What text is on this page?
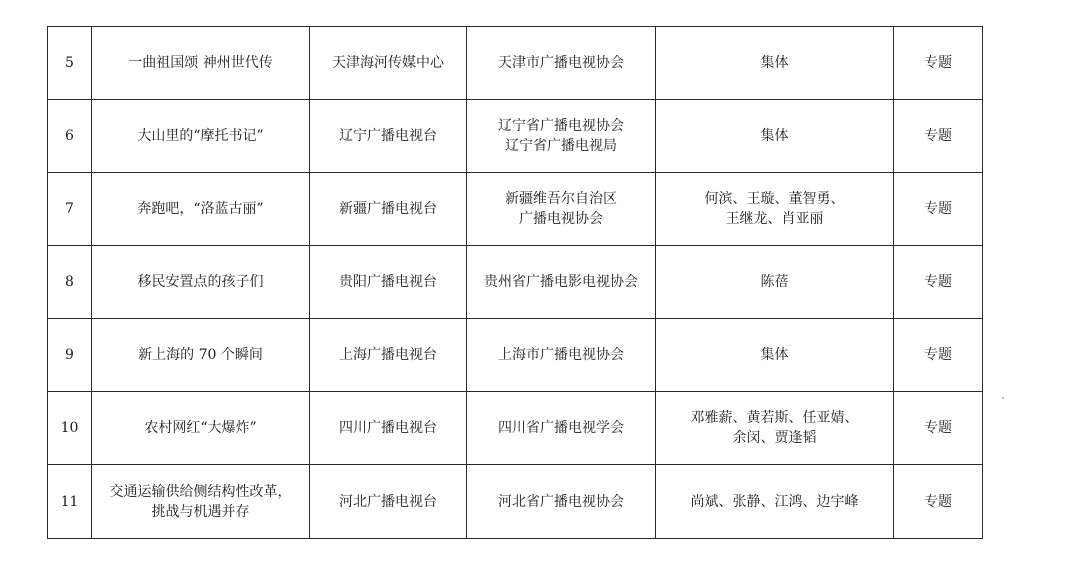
5	一曲祖国颂 神州世代传	天津海河传媒中心	天津市广播电视协会	集体	专题

6	大山里的“摩托书记”	辽宁广播电视台	辽宁省广播电视协会
辽宁省广播电视局	集体	专题

7	奔跑吧，“洛蓝古丽”	新疆广播电视台	新疆维吾尔自治区
广播电视协会	何滨、王璇、董智勇、
王继龙、肖亚丽	专题

8	移民安置点的孩子们	贵阳广播电视台	贵州省广播电影电视协会	陈蓓	专题

9	新上海的 70 个瞬间	上海广播电视台	上海市广播电视协会	集体	专题

10	农村网红“大爆炸”	四川广播电视台	四川省广播电视学会	邓雅薪、黄若斯、任亚婧、
余闵、贾逢韬	专题

11	交通运输供给侧结构性改革，
挑战与机遇并存	河北广播电视台	河北省广播电视协会	尚斌、张静、江鸿、边宇峰	专题
